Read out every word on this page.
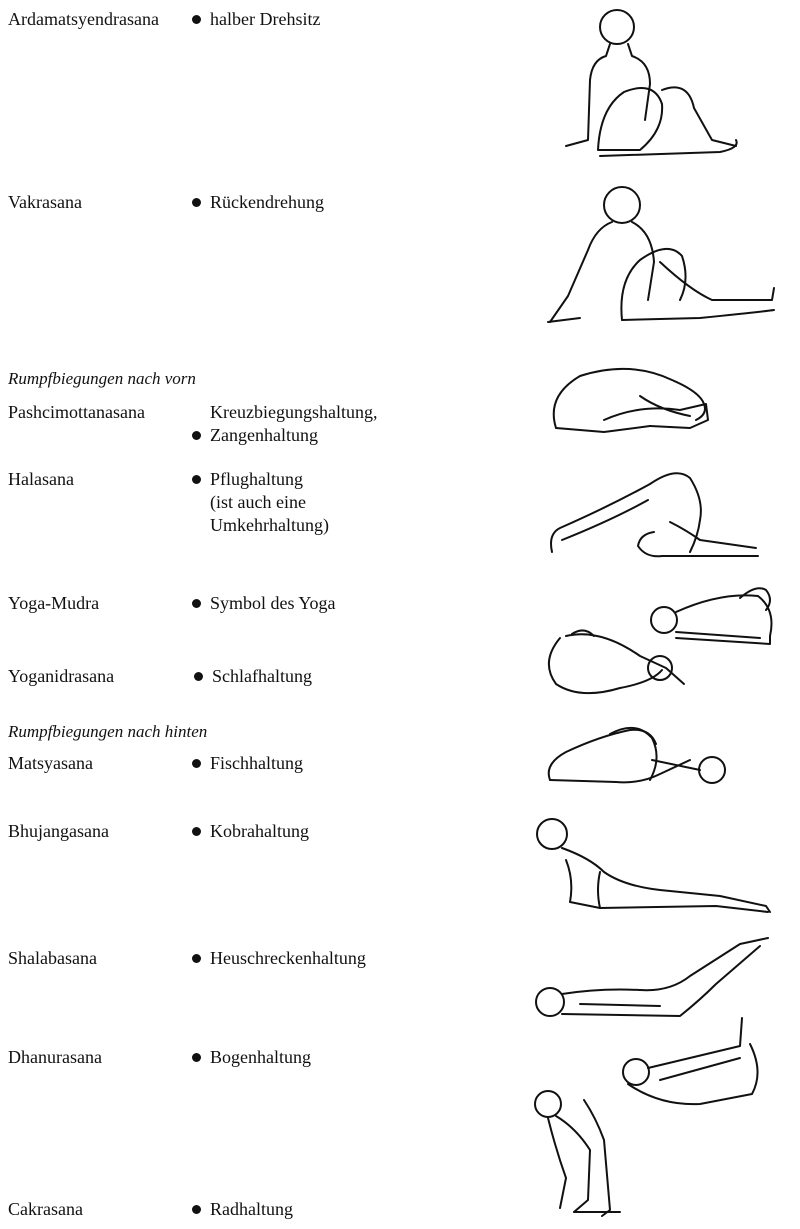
Rumpfbiegungen nach vorn
Rumpfbiegungen nach hinten
Ardamatsyendrasana	halber Drehsitz
Vakrasana	Rückendrehung
Pashcimottanasana	Kreuzbiegungshaltung,
Zangenhaltung
Halasana	Pflughaltung
(ist auch eine
Umkehrhaltung)
Yoga-Mudra	Symbol des Yoga
Yoganidrasana	Schlafhaltung
Matsyasana	Fischhaltung
Bhujangasana	Kobrahaltung
Shalabasana	Heuschreckenhaltung
Dhanurasana	Bogenhaltung
Cakrasana	Radhaltung
